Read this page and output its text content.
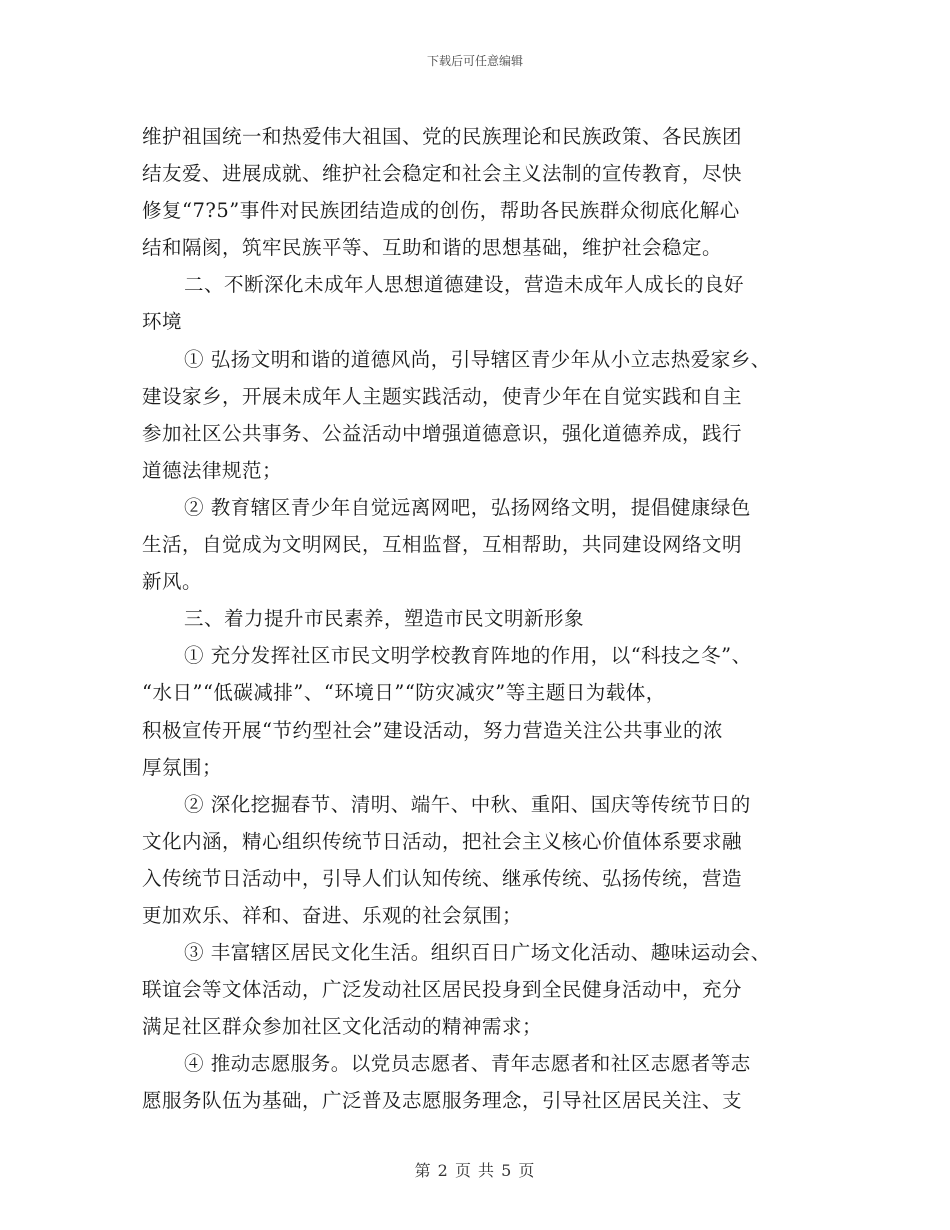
下载后可任意编辑
维护祖国统一和热爱伟大祖国、党的民族理论和民族政策、各民族团
结友爱、进展成就、维护社会稳定和社会主义法制的宣传教育，尽快
修复“7?5”事件对民族团结造成的创伤，帮助各民族群众彻底化解心
结和隔阂，筑牢民族平等、互助和谐的思想基础，维护社会稳定。
二、不断深化未成年人思想道德建设，营造未成年人成长的良好
环境
① 弘扬文明和谐的道德风尚，引导辖区青少年从小立志热爱家乡、
建设家乡，开展未成年人主题实践活动，使青少年在自觉实践和自主
参加社区公共事务、公益活动中增强道德意识，强化道德养成，践行
道德法律规范；
② 教育辖区青少年自觉远离网吧，弘扬网络文明，提倡健康绿色
生活，自觉成为文明网民，互相监督，互相帮助，共同建设网络文明
新风。
三、着力提升市民素养，塑造市民文明新形象
① 充分发挥社区市民文明学校教育阵地的作用，以“科技之冬”、
“水日”“低碳减排”、“环境日”“防灾减灾”等主题日为载体，
积极宣传开展“节约型社会”建设活动，努力营造关注公共事业的浓
厚氛围；
② 深化挖掘春节、清明、端午、中秋、重阳、国庆等传统节日的
文化内涵，精心组织传统节日活动，把社会主义核心价值体系要求融
入传统节日活动中，引导人们认知传统、继承传统、弘扬传统，营造
更加欢乐、祥和、奋进、乐观的社会氛围；
③ 丰富辖区居民文化生活。组织百日广场文化活动、趣味运动会、
联谊会等文体活动，广泛发动社区居民投身到全民健身活动中，充分
满足社区群众参加社区文化活动的精神需求；
④ 推动志愿服务。以党员志愿者、青年志愿者和社区志愿者等志
愿服务队伍为基础，广泛普及志愿服务理念，引导社区居民关注、支
第 2 页 共 5 页
